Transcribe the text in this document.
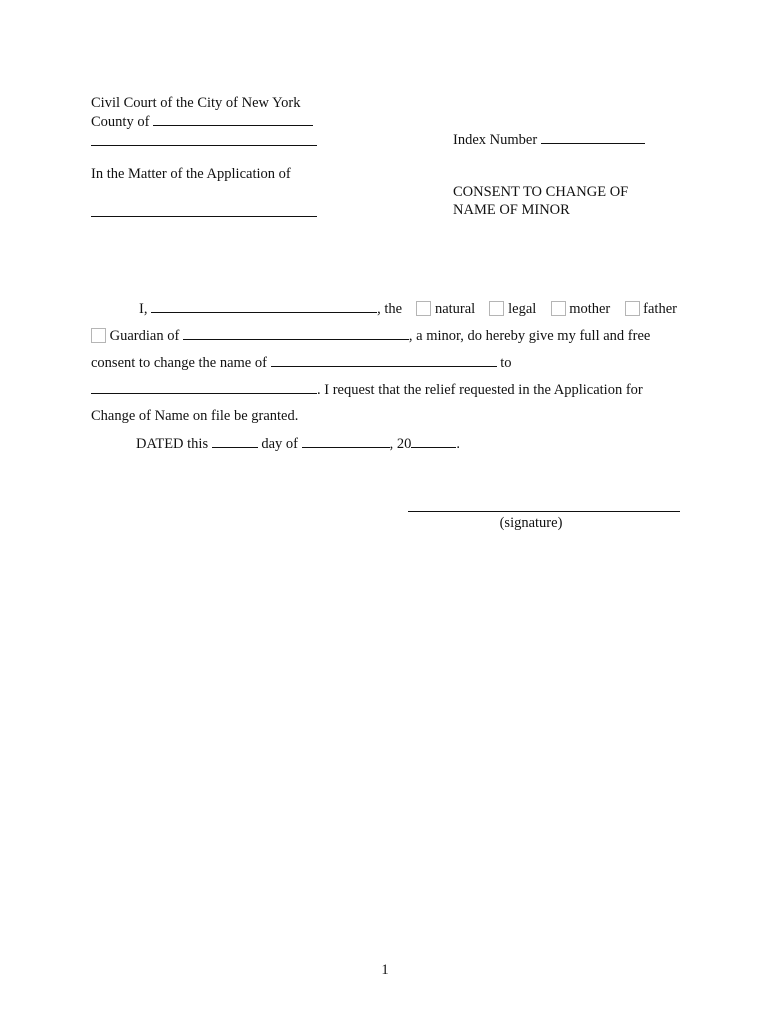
Civil Court of the City of New York
County of
Index Number
In the Matter of the Application of
CONSENT TO CHANGE OF
NAME OF MINOR
I,	, the	natural	legal	mother	father
Guardian of	, a minor, do hereby give my full and free
consent to change the name of	to
. I request that the relief requested in the Application for
Change of Name on file be granted.
DATED this	day of	, 20	.
(signature)
1
